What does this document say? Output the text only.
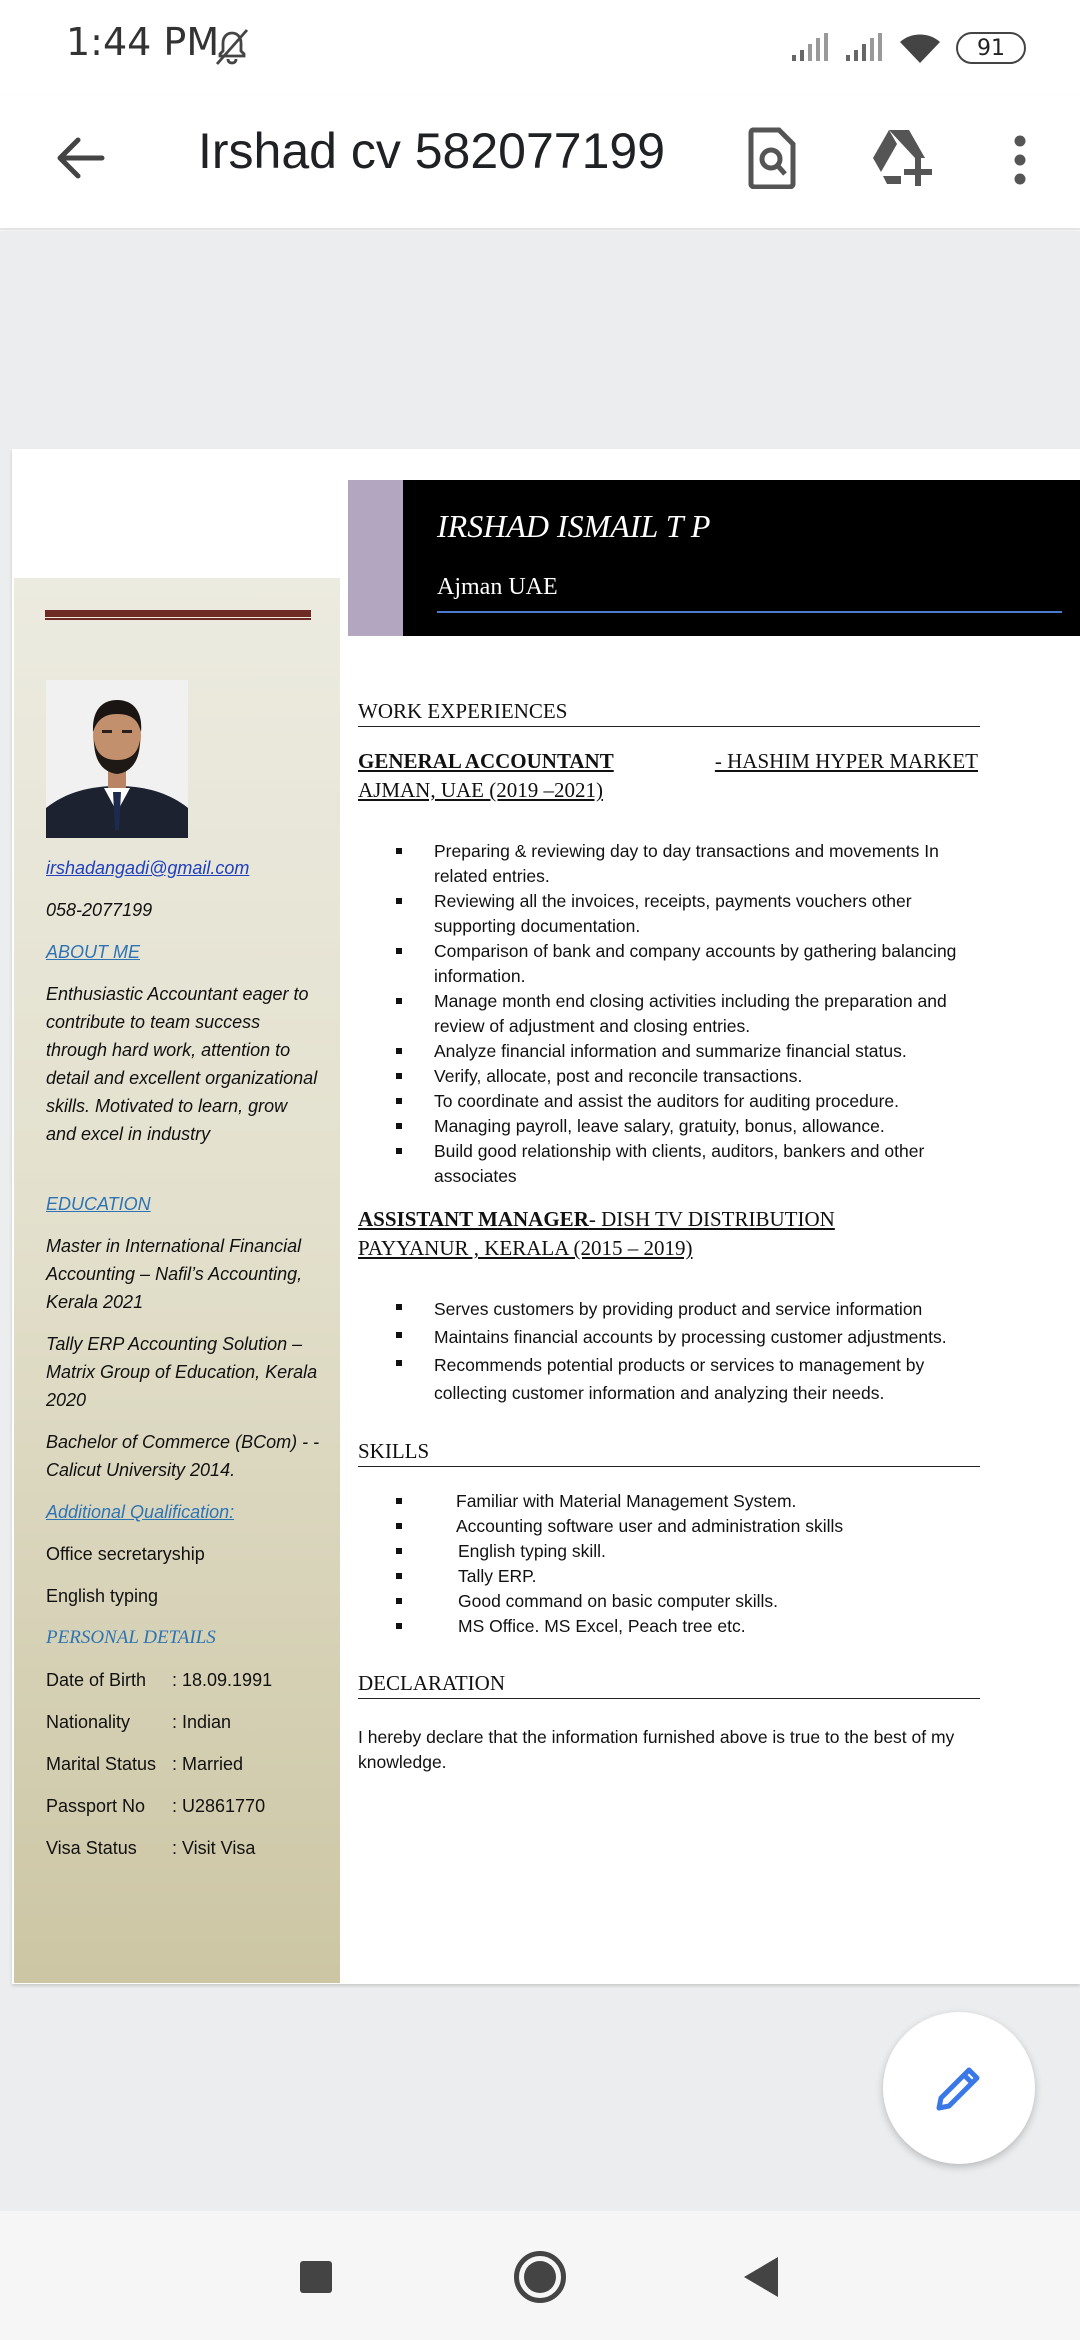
1:44 PM	91
Irshad cv 582077199
irshadangadi@gmail.com
058-2077199
ABOUT ME
Enthusiastic Accountant eager to contribute to team success through hard work, attention to detail and excellent organizational skills. Motivated to learn, grow and excel in industry
EDUCATION
Master in International Financial Accounting – Nafil’s Accounting, Kerala 2021
Tally ERP Accounting Solution – Matrix Group of Education, Kerala 2020
Bachelor of Commerce (BCom) - - Calicut University 2014.
Additional Qualification:
Office secretaryship
English typing
PERSONAL DETAILS
Date of Birth	: 18.09.1991
Nationality	: Indian
Marital Status : Married
Passport No	: U2861770
Visa Status	: Visit Visa
IRSHAD ISMAIL T P
Ajman UAE
WORK EXPERIENCES
GENERAL ACCOUNTANT	- HASHIM HYPER MARKET
AJMAN, UAE (2019 –2021)
Preparing & reviewing day to day transactions and movements In related entries.
Reviewing all the invoices, receipts, payments vouchers other supporting documentation.
Comparison of bank and company accounts by gathering balancing information.
Manage month end closing activities including the preparation and review of adjustment and closing entries.
Analyze financial information and summarize financial status.
Verify, allocate, post and reconcile transactions.
To coordinate and assist the auditors for auditing procedure.
Managing payroll, leave salary, gratuity, bonus, allowance.
Build good relationship with clients, auditors, bankers and other associates
ASSISTANT MANAGER- DISH TV DISTRIBUTION
PAYYANUR , KERALA (2015 – 2019)
Serves customers by providing product and service information
Maintains financial accounts by processing customer adjustments.
Recommends potential products or services to management by collecting customer information and analyzing their needs.
SKILLS
Familiar with Material Management System.
Accounting software user and administration skills
English typing skill.
Tally ERP.
Good command on basic computer skills.
MS Office. MS Excel, Peach tree etc.
DECLARATION
I hereby declare that the information furnished above is true to the best of my knowledge.
